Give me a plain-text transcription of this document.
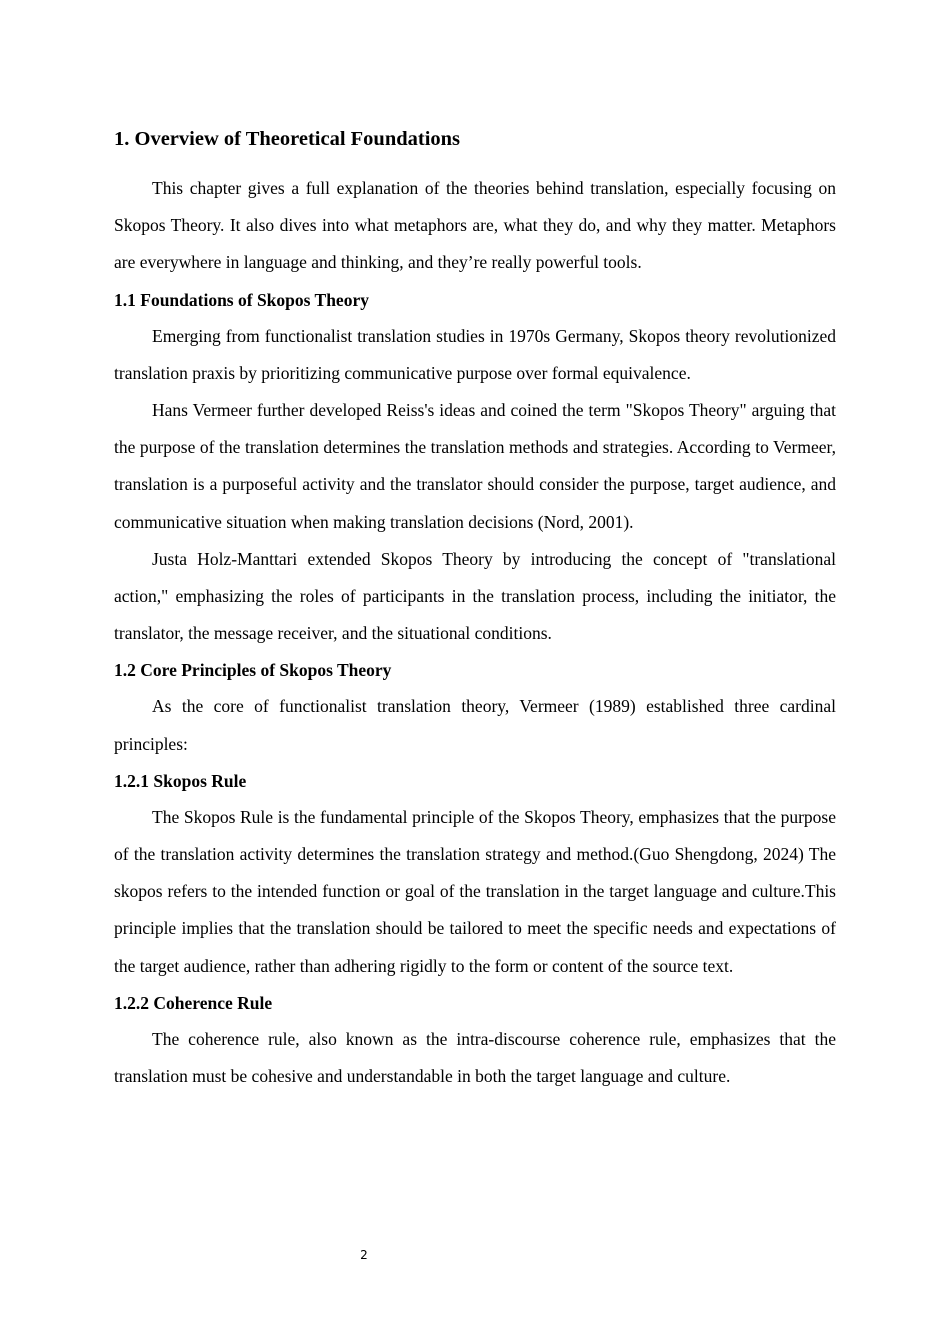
1. Overview of Theoretical Foundations

This chapter gives a full explanation of the theories behind translation, especially focusing on Skopos Theory. It also dives into what metaphors are, what they do, and why they matter. Metaphors are everywhere in language and thinking, and they’re really powerful tools.

1.1 Foundations of Skopos Theory

Emerging from functionalist translation studies in 1970s Germany, Skopos theory revolutionized translation praxis by prioritizing communicative purpose over formal equivalence.

Hans Vermeer further developed Reiss's ideas and coined the term "Skopos Theory" arguing that the purpose of the translation determines the translation methods and strategies. According to Vermeer, translation is a purposeful activity and the translator should consider the purpose, target audience, and communicative situation when making translation decisions (Nord, 2001).

Justa Holz-Manttari extended Skopos Theory by introducing the concept of "translational action," emphasizing the roles of participants in the translation process, including the initiator, the translator, the message receiver, and the situational conditions.

1.2 Core Principles of Skopos Theory

As the core of functionalist translation theory, Vermeer (1989) established three cardinal principles:

1.2.1 Skopos Rule

The Skopos Rule is the fundamental principle of the Skopos Theory, emphasizes that the purpose of the translation activity determines the translation strategy and method.(Guo Shengdong, 2024) The skopos refers to the intended function or goal of the translation in the target language and culture.This principle implies that the translation should be tailored to meet the specific needs and expectations of the target audience, rather than adhering rigidly to the form or content of the source text.

1.2.2 Coherence Rule

The coherence rule, also known as the intra-discourse coherence rule, emphasizes that the translation must be cohesive and understandable in both the target language and culture.

2
